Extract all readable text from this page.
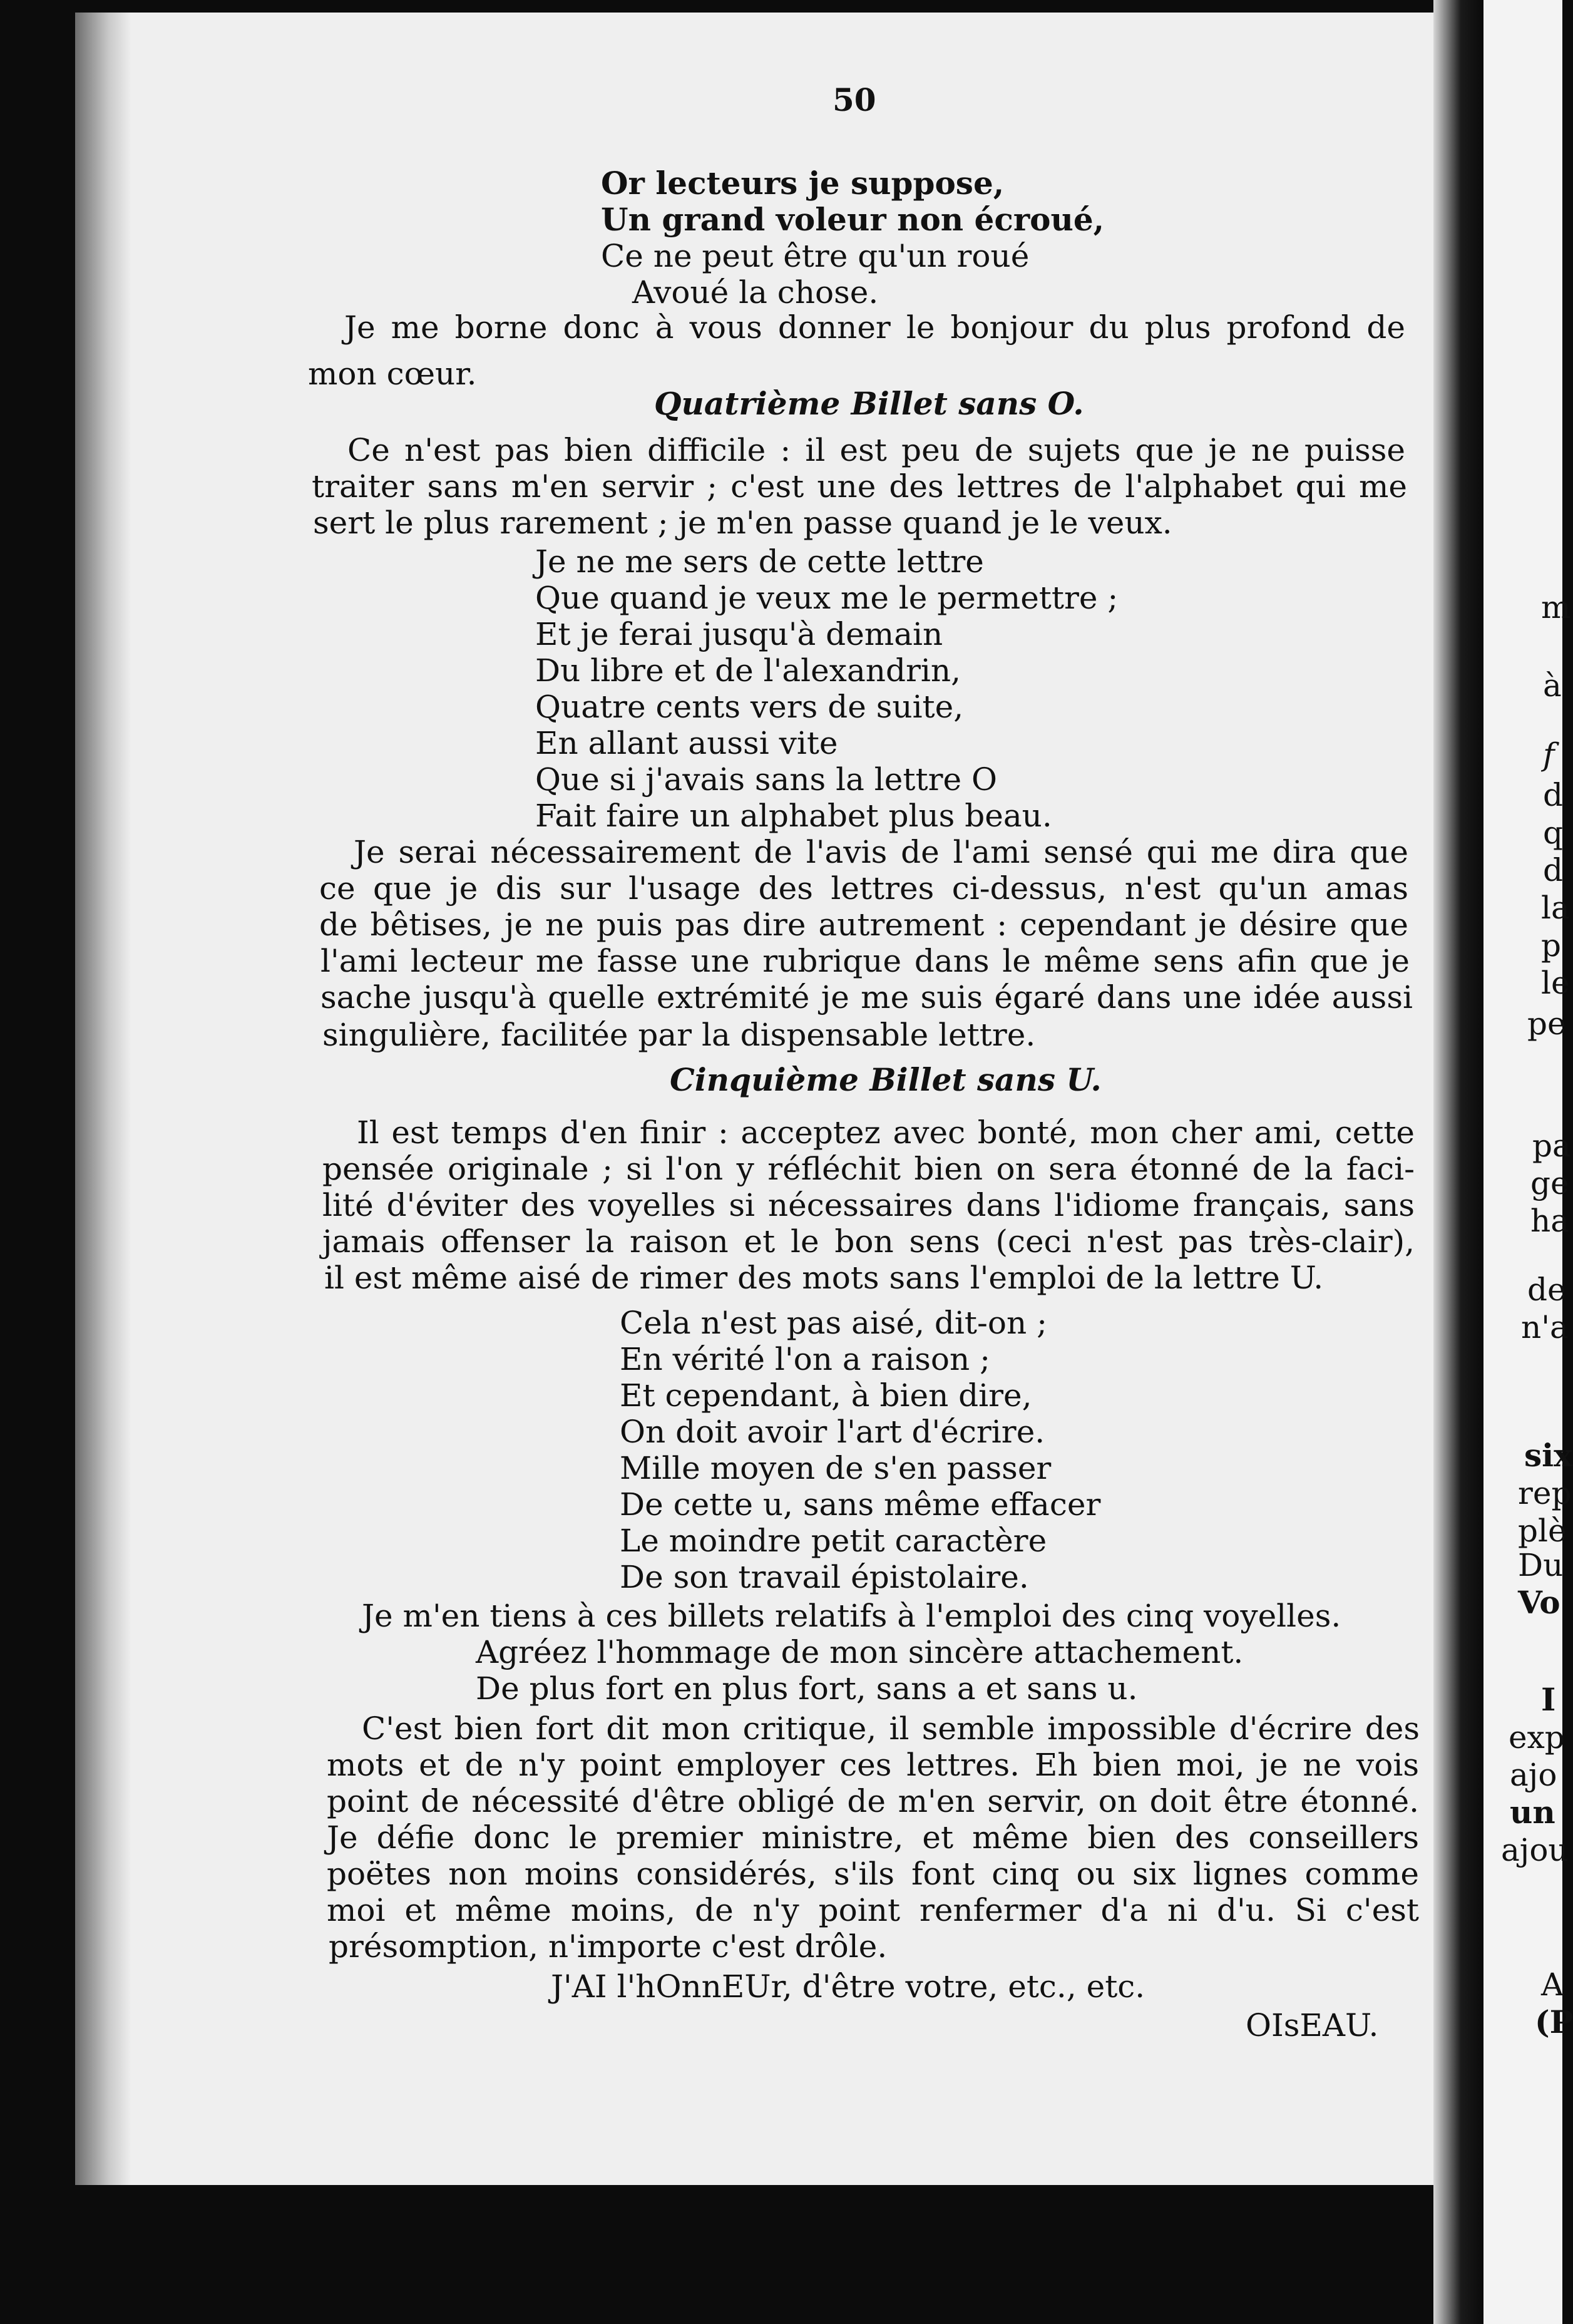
50
Or lecteurs je suppose,
Un grand voleur non écroué,
Ce ne peut être qu'un roué
Avoué la chose.
Je me borne donc à vous donner le bonjour du plus profond de
mon cœur.
Quatrième Billet sans O.
Ce n'est pas bien difficile : il est peu de sujets que je ne puisse
traiter sans m'en servir ; c'est une des lettres de l'alphabet qui me
sert le plus rarement ; je m'en passe quand je le veux.
Je ne me sers de cette lettre
Que quand je veux me le permettre ;
Et je ferai jusqu'à demain
Du libre et de l'alexandrin,
Quatre cents vers de suite,
En allant aussi vite
Que si j'avais sans la lettre O
Fait faire un alphabet plus beau.
Je serai nécessairement de l'avis de l'ami sensé qui me dira que
ce que je dis sur l'usage des lettres ci-dessus, n'est qu'un amas
de bêtises, je ne puis pas dire autrement : cependant je désire que
l'ami lecteur me fasse une rubrique dans le même sens afin que je
sache jusqu'à quelle extrémité je me suis égaré dans une idée aussi
singulière, facilitée par la dispensable lettre.
Cinquième Billet sans U.
Il est temps d'en finir : acceptez avec bonté, mon cher ami, cette
pensée originale ; si l'on y réfléchit bien on sera étonné de la faci-
lité d'éviter des voyelles si nécessaires dans l'idiome français, sans
jamais offenser la raison et le bon sens (ceci n'est pas très-clair),
il est même aisé de rimer des mots sans l'emploi de la lettre U.
Cela n'est pas aisé, dit-on ;
En vérité l'on a raison ;
Et cependant, à bien dire,
On doit avoir l'art d'écrire.
Mille moyen de s'en passer
De cette u, sans même effacer
Le moindre petit caractère
De son travail épistolaire.
Je m'en tiens à ces billets relatifs à l'emploi des cinq voyelles.
Agréez l'hommage de mon sincère attachement.
De plus fort en plus fort, sans a et sans u.
C'est bien fort dit mon critique, il semble impossible d'écrire des
mots et de n'y point employer ces lettres. Eh bien moi, je ne vois
point de nécessité d'être obligé de m'en servir, on doit être étonné.
Je défie donc le premier ministre, et même bien des conseillers
poëtes non moins considérés, s'ils font cinq ou six lignes comme
moi et même moins, de n'y point renfermer d'a ni d'u. Si c'est
présomption, n'importe c'est drôle.
J'AI l'hOnnEUr, d'être votre, etc., etc.
OIsEAU.
m
à
f
d
q
d
la
p
le
pe
pa
ge
ha
de
n'a
six
rep
plè
Du
Vo
I
exp
ajo
un
ajou
A
(P
